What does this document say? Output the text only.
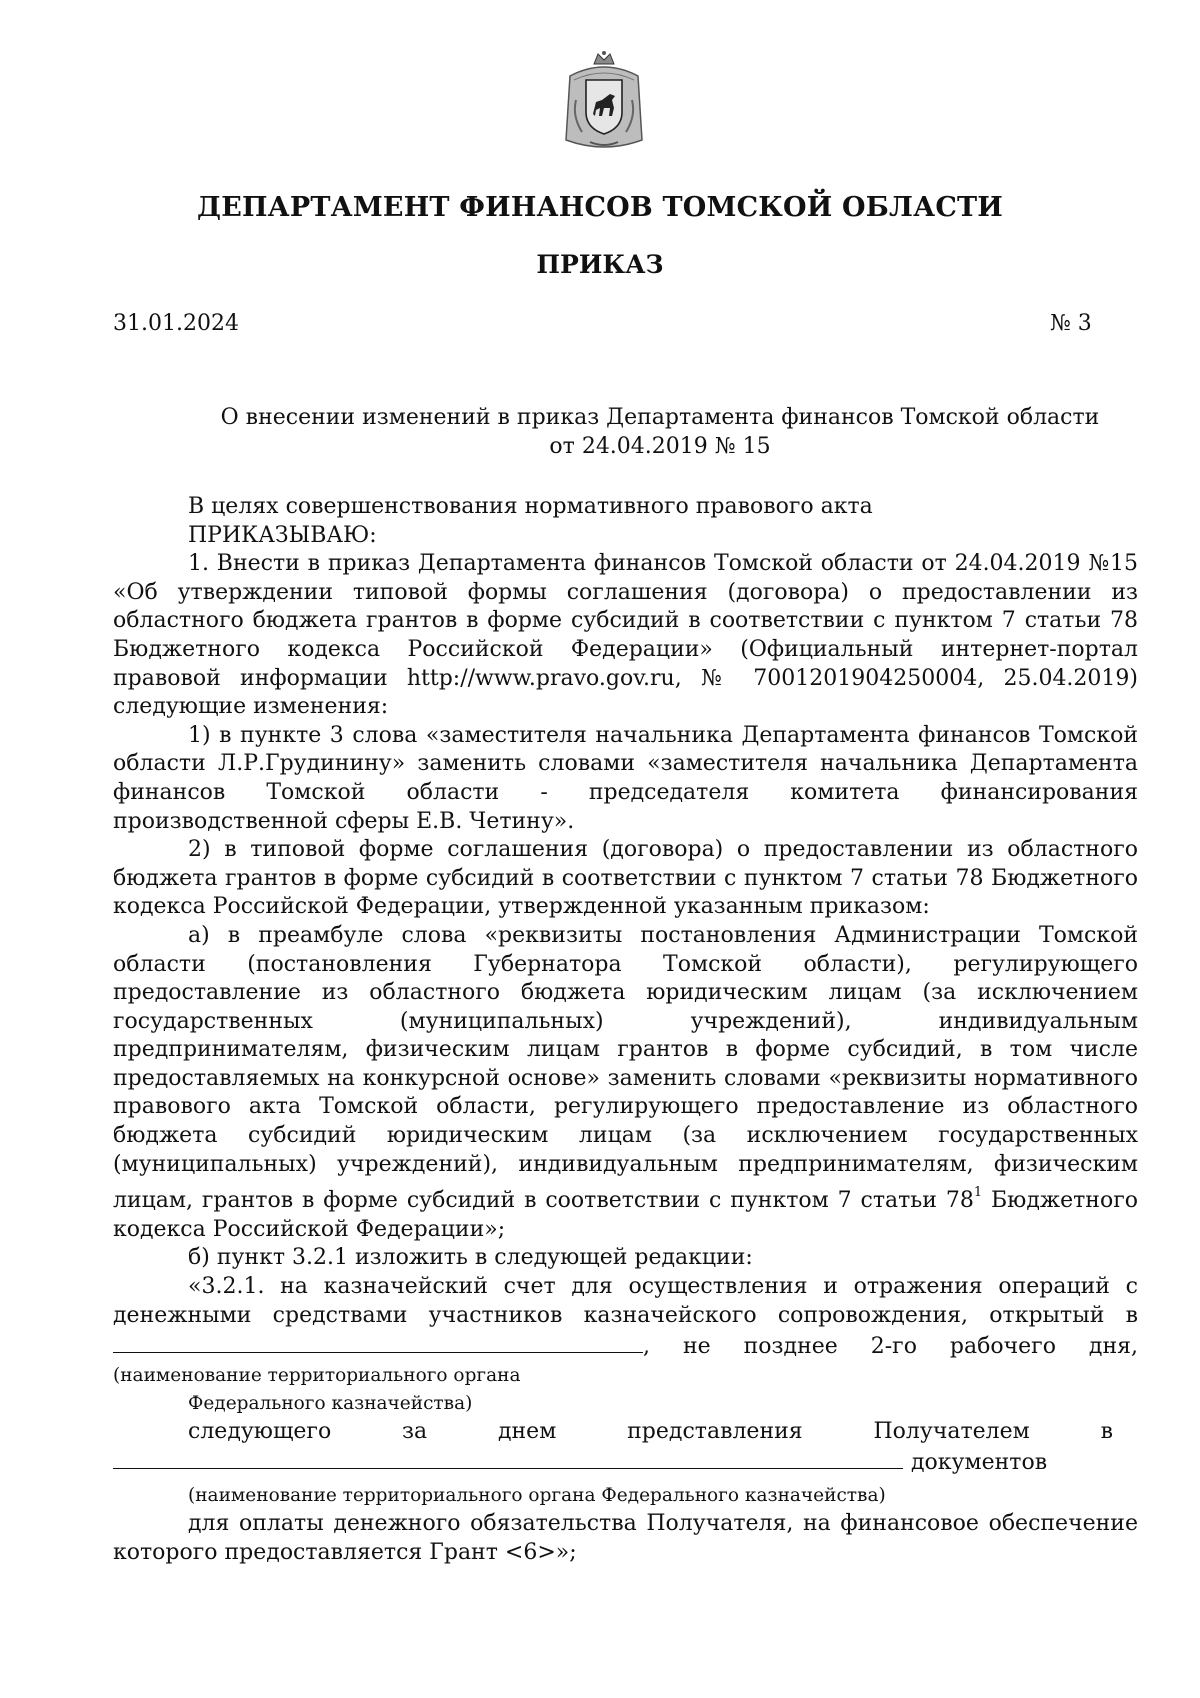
ДЕПАРТАМЕНТ ФИНАНСОВ ТОМСКОЙ ОБЛАСТИ
ПРИКАЗ
31.01.2024	№ 3
О внесении изменений в приказ Департамента финансов Томской области
от 24.04.2019 № 15
В целях совершенствования нормативного правового акта
ПРИКАЗЫВАЮ:
1. Внести в приказ Департамента финансов Томской области от 24.04.2019 №15 «Об утверждении типовой формы соглашения (договора) о предоставлении из областного бюджета грантов в форме субсидий в соответствии с пунктом 7 статьи 78 Бюджетного кодекса Российской Федерации» (Официальный интернет-портал правовой информации http://www.pravo.gov.ru, № 7001201904250004, 25.04.2019) следующие изменения:
1) в пункте 3 слова «заместителя начальника Департамента финансов Томской области Л.Р.Грудинину» заменить словами «заместителя начальника Департамента финансов Томской области - председателя комитета финансирования производственной сферы Е.В. Четину».
2) в типовой форме соглашения (договора) о предоставлении из областного бюджета грантов в форме субсидий в соответствии с пунктом 7 статьи 78 Бюджетного кодекса Российской Федерации, утвержденной указанным приказом:
а) в преамбуле слова «реквизиты постановления Администрации Томской области (постановления Губернатора Томской области), регулирующего предоставление из областного бюджета юридическим лицам (за исключением государственных (муниципальных) учреждений), индивидуальным предпринимателям, физическим лицам грантов в форме субсидий, в том числе предоставляемых на конкурсной основе» заменить словами «реквизиты нормативного правового акта Томской области, регулирующего предоставление из областного бюджета субсидий юридическим лицам (за исключением государственных (муниципальных) учреждений), индивидуальным предпринимателям, физическим лицам, грантов в форме субсидий в соответствии с пунктом 7 статьи $78^1$ Бюджетного кодекса Российской Федерации»;
б) пункт 3.2.1 изложить в следующей редакции:
«3.2.1. на казначейский счет для осуществления и отражения операций с денежными средствами участников казначейского сопровождения, открытый в
, не позднее 2-го рабочего дня,
(наименование территориального органа
Федерального казначейства)
следующего за днем представления Получателем в
документов
(наименование территориального органа Федерального казначейства)
для оплаты денежного обязательства Получателя, на финансовое обеспечение которого предоставляется Грант <6>»;
